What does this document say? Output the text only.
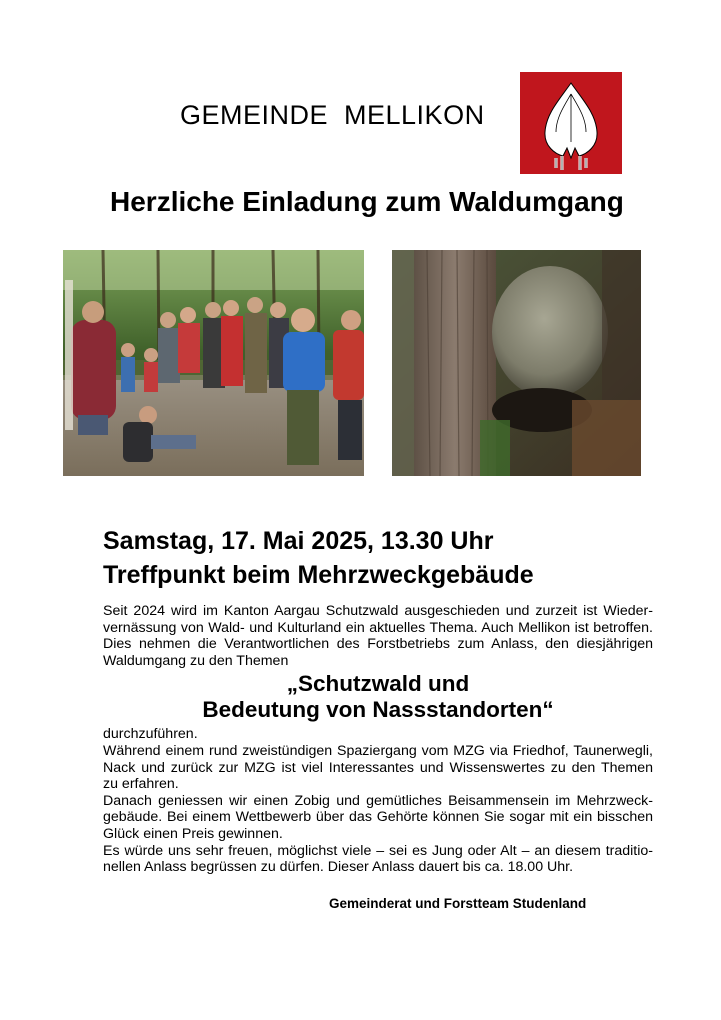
GEMEINDE  MELLIKON
Herzliche Einladung zum Waldumgang
Samstag, 17. Mai 2025, 13.30 Uhr
Treffpunkt beim Mehrzweckgebäude
Seit 2024 wird im Kanton Aargau Schutzwald ausgeschieden und zurzeit ist Wieder-
vernässung von Wald- und Kulturland ein aktuelles Thema. Auch Mellikon ist betroffen.
Dies nehmen die Verantwortlichen des Forstbetriebs zum Anlass, den diesjährigen
Waldumgang zu den Themen
„Schutzwald und
Bedeutung von Nassstandorten“
durchzuführen.
Während einem rund zweistündigen Spaziergang vom MZG via Friedhof, Taunerwegli,
Nack und zurück zur MZG ist viel Interessantes und Wissenswertes zu den Themen
zu erfahren.
Danach geniessen wir einen Zobig und gemütliches Beisammensein im Mehrzweck-
gebäude. Bei einem Wettbewerb über das Gehörte können Sie sogar mit ein bisschen
Glück einen Preis gewinnen.
Es würde uns sehr freuen, möglichst viele – sei es Jung oder Alt – an diesem traditio-
nellen Anlass begrüssen zu dürfen. Dieser Anlass dauert bis ca. 18.00 Uhr.
Gemeinderat und Forstteam Studenland
